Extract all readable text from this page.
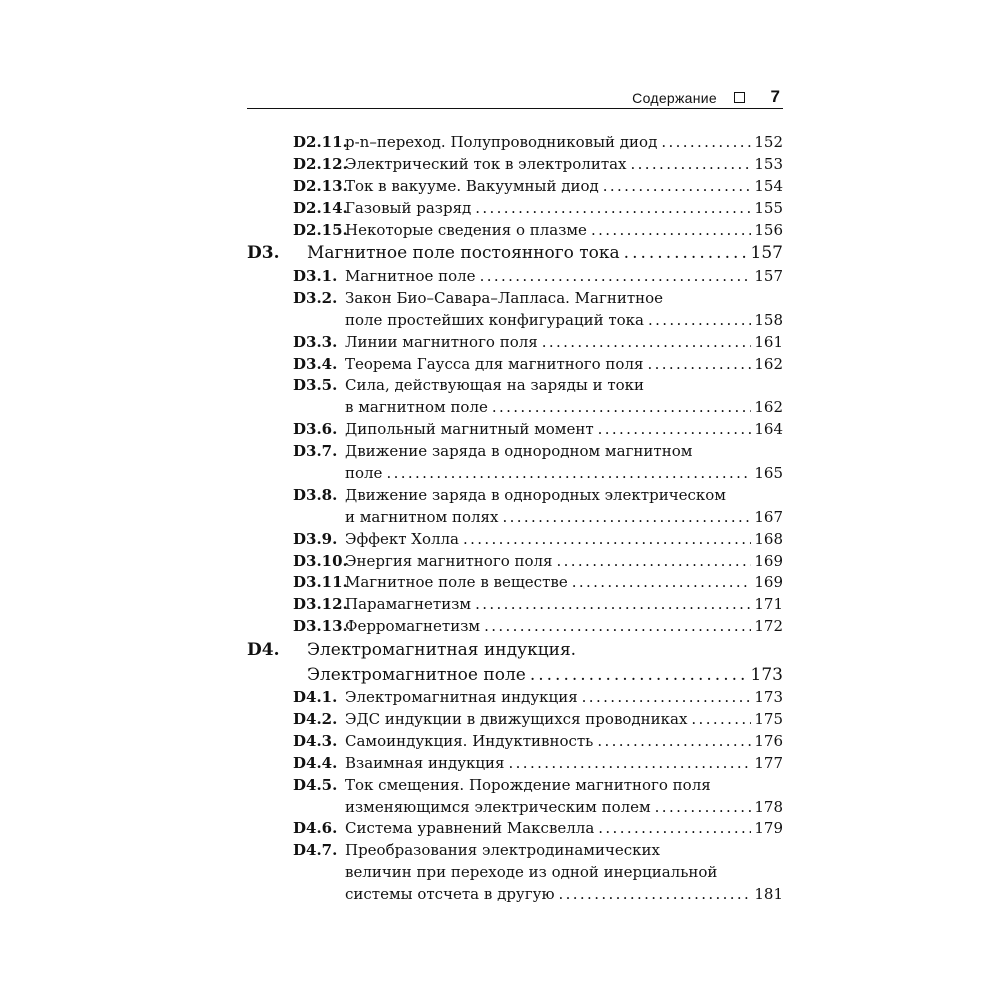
Содержание	7
D2.11.
p-n–переход. Полупроводниковый диод . . .	152
D2.12.
Электрический ток в электролитах . . .	153
D2.13.
Ток в вакууме. Вакуумный диод . . .	154
D2.14.
Газовый разряд . . .	155
D2.15.
Некоторые сведения о плазме . . .	156
D3. Магнитное поле постоянного тока . . .	157
D3.1. Магнитное поле . . .	157
D3.2. Закон Био–Савара–Лапласа. Магнитное
поле простейших конфигураций тока . . .	158
D3.3. Линии магнитного поля . . .	161
D3.4. Теорема Гаусса для магнитного поля . . .	162
D3.5. Сила, действующая на заряды и токи
в магнитном поле . . .	162
D3.6. Дипольный магнитный момент . . .	164
D3.7. Движение заряда в однородном магнитном
поле . . .	165
D3.8. Движение заряда в однородных электрическом
и магнитном полях . . .	167
D3.9. Эффект Холла . . .	168
D3.10.
Энергия магнитного поля . . .	169
D3.11.
Магнитное поле в веществе . . .	169
D3.12.
Парамагнетизм . . .	171
D3.13.
Ферромагнетизм . . .	172
D4. Электромагнитная индукция.
Электромагнитное поле . . .	173
D4.1. Электромагнитная индукция . . .	173
D4.2. ЭДС индукции в движущихся проводниках . . .	175
D4.3. Самоиндукция. Индуктивность . . .	176
D4.4. Взаимная индукция . . .	177
D4.5. Ток смещения. Порождение магнитного поля
изменяющимся электрическим полем . . .	178
D4.6. Система уравнений Максвелла . . .	179
D4.7. Преобразования электродинамических
величин при переходе из одной инерциальной
системы отсчета в другую . . .	181
